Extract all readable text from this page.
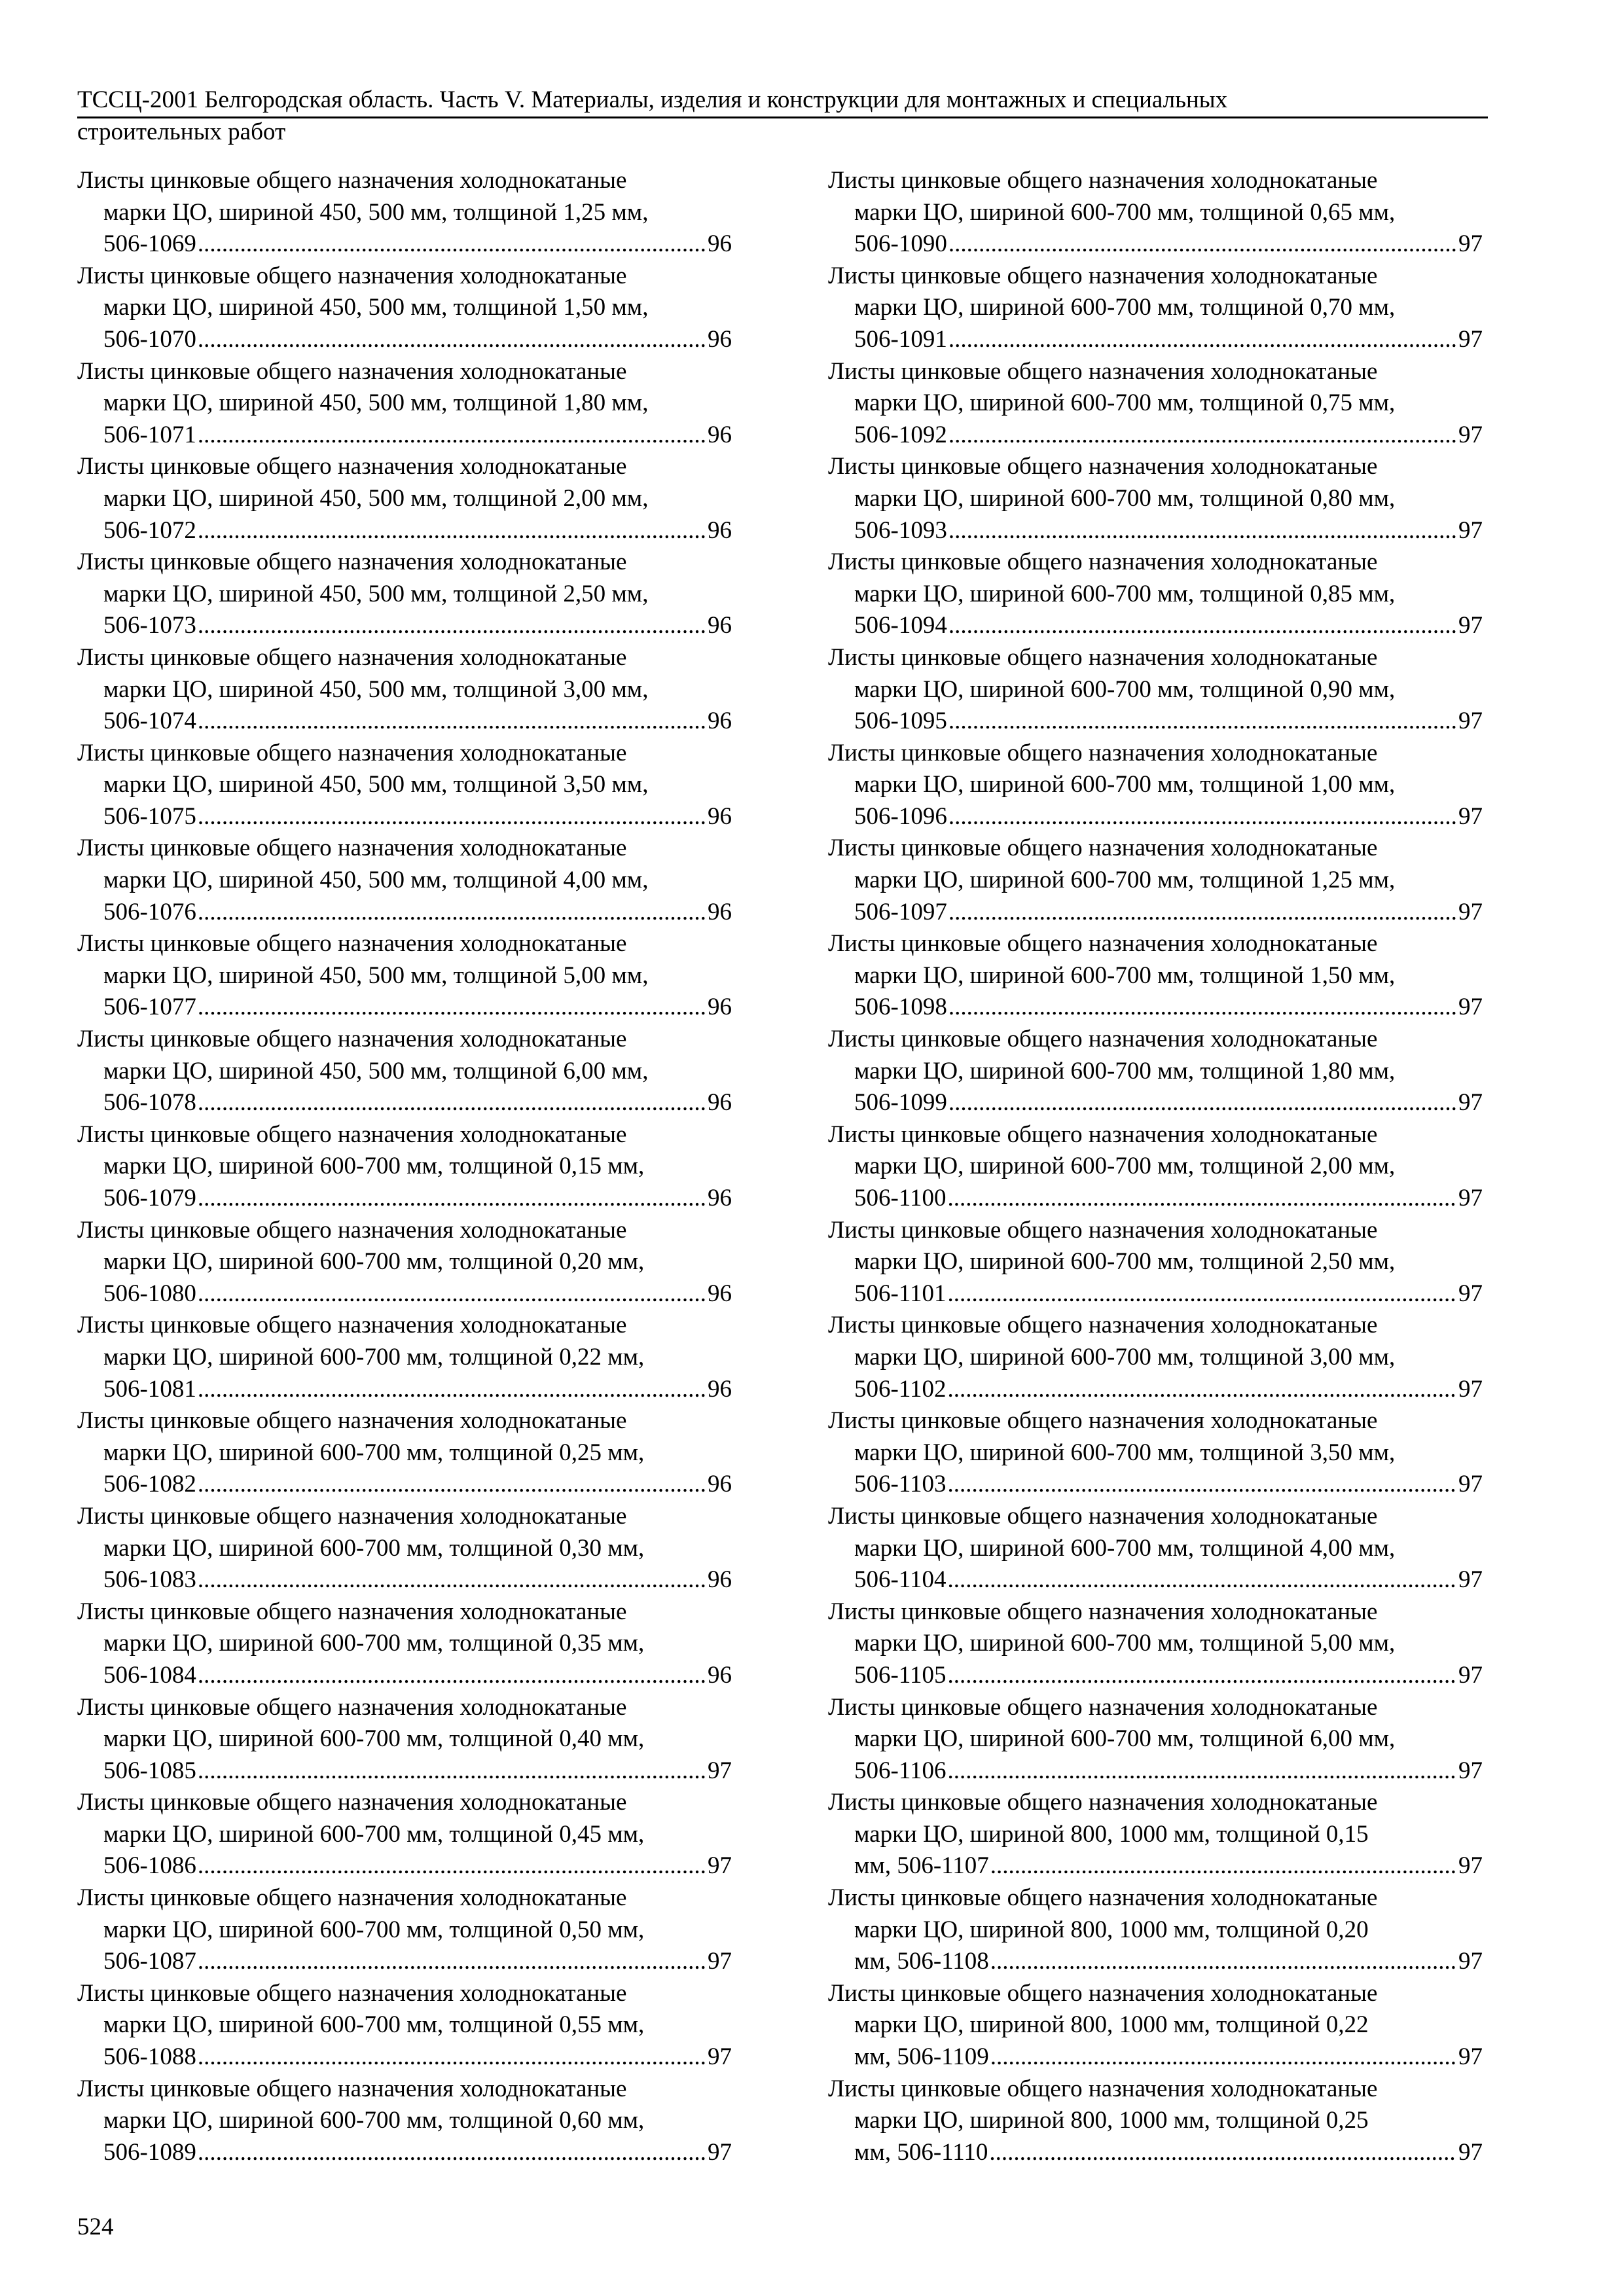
ТССЦ-2001 Белгородская область. Часть V. Материалы, изделия и конструкции для монтажных и специальных
строительных работ
Листы цинковые общего назначения холоднокатаные
марки ЦО, шириной 450, 500 мм, толщиной 1,25 мм,
506-1069 .....	96
Листы цинковые общего назначения холоднокатаные
марки ЦО, шириной 450, 500 мм, толщиной 1,50 мм,
506-1070 .....	96
Листы цинковые общего назначения холоднокатаные
марки ЦО, шириной 450, 500 мм, толщиной 1,80 мм,
506-1071 .....	96
Листы цинковые общего назначения холоднокатаные
марки ЦО, шириной 450, 500 мм, толщиной 2,00 мм,
506-1072 .....	96
Листы цинковые общего назначения холоднокатаные
марки ЦО, шириной 450, 500 мм, толщиной 2,50 мм,
506-1073 .....	96
Листы цинковые общего назначения холоднокатаные
марки ЦО, шириной 450, 500 мм, толщиной 3,00 мм,
506-1074 .....	96
Листы цинковые общего назначения холоднокатаные
марки ЦО, шириной 450, 500 мм, толщиной 3,50 мм,
506-1075 .....	96
Листы цинковые общего назначения холоднокатаные
марки ЦО, шириной 450, 500 мм, толщиной 4,00 мм,
506-1076 .....	96
Листы цинковые общего назначения холоднокатаные
марки ЦО, шириной 450, 500 мм, толщиной 5,00 мм,
506-1077 .....	96
Листы цинковые общего назначения холоднокатаные
марки ЦО, шириной 450, 500 мм, толщиной 6,00 мм,
506-1078 .....	96
Листы цинковые общего назначения холоднокатаные
марки ЦО, шириной 600-700 мм, толщиной 0,15 мм,
506-1079 .....	96
Листы цинковые общего назначения холоднокатаные
марки ЦО, шириной 600-700 мм, толщиной 0,20 мм,
506-1080 .....	96
Листы цинковые общего назначения холоднокатаные
марки ЦО, шириной 600-700 мм, толщиной 0,22 мм,
506-1081 .....	96
Листы цинковые общего назначения холоднокатаные
марки ЦО, шириной 600-700 мм, толщиной 0,25 мм,
506-1082 .....	96
Листы цинковые общего назначения холоднокатаные
марки ЦО, шириной 600-700 мм, толщиной 0,30 мм,
506-1083 .....	96
Листы цинковые общего назначения холоднокатаные
марки ЦО, шириной 600-700 мм, толщиной 0,35 мм,
506-1084 .....	96
Листы цинковые общего назначения холоднокатаные
марки ЦО, шириной 600-700 мм, толщиной 0,40 мм,
506-1085 .....	97
Листы цинковые общего назначения холоднокатаные
марки ЦО, шириной 600-700 мм, толщиной 0,45 мм,
506-1086 .....	97
Листы цинковые общего назначения холоднокатаные
марки ЦО, шириной 600-700 мм, толщиной 0,50 мм,
506-1087 .....	97
Листы цинковые общего назначения холоднокатаные
марки ЦО, шириной 600-700 мм, толщиной 0,55 мм,
506-1088 .....	97
Листы цинковые общего назначения холоднокатаные
марки ЦО, шириной 600-700 мм, толщиной 0,60 мм,
506-1089 .....	97
Листы цинковые общего назначения холоднокатаные
марки ЦО, шириной 600-700 мм, толщиной 0,65 мм,
506-1090 .....	97
Листы цинковые общего назначения холоднокатаные
марки ЦО, шириной 600-700 мм, толщиной 0,70 мм,
506-1091 .....	97
Листы цинковые общего назначения холоднокатаные
марки ЦО, шириной 600-700 мм, толщиной 0,75 мм,
506-1092 .....	97
Листы цинковые общего назначения холоднокатаные
марки ЦО, шириной 600-700 мм, толщиной 0,80 мм,
506-1093 .....	97
Листы цинковые общего назначения холоднокатаные
марки ЦО, шириной 600-700 мм, толщиной 0,85 мм,
506-1094 .....	97
Листы цинковые общего назначения холоднокатаные
марки ЦО, шириной 600-700 мм, толщиной 0,90 мм,
506-1095 .....	97
Листы цинковые общего назначения холоднокатаные
марки ЦО, шириной 600-700 мм, толщиной 1,00 мм,
506-1096 .....	97
Листы цинковые общего назначения холоднокатаные
марки ЦО, шириной 600-700 мм, толщиной 1,25 мм,
506-1097 .....	97
Листы цинковые общего назначения холоднокатаные
марки ЦО, шириной 600-700 мм, толщиной 1,50 мм,
506-1098 .....	97
Листы цинковые общего назначения холоднокатаные
марки ЦО, шириной 600-700 мм, толщиной 1,80 мм,
506-1099 .....	97
Листы цинковые общего назначения холоднокатаные
марки ЦО, шириной 600-700 мм, толщиной 2,00 мм,
506-1100 .....	97
Листы цинковые общего назначения холоднокатаные
марки ЦО, шириной 600-700 мм, толщиной 2,50 мм,
506-1101 .....	97
Листы цинковые общего назначения холоднокатаные
марки ЦО, шириной 600-700 мм, толщиной 3,00 мм,
506-1102 .....	97
Листы цинковые общего назначения холоднокатаные
марки ЦО, шириной 600-700 мм, толщиной 3,50 мм,
506-1103 .....	97
Листы цинковые общего назначения холоднокатаные
марки ЦО, шириной 600-700 мм, толщиной 4,00 мм,
506-1104 .....	97
Листы цинковые общего назначения холоднокатаные
марки ЦО, шириной 600-700 мм, толщиной 5,00 мм,
506-1105 .....	97
Листы цинковые общего назначения холоднокатаные
марки ЦО, шириной 600-700 мм, толщиной 6,00 мм,
506-1106 .....	97
Листы цинковые общего назначения холоднокатаные
марки ЦО, шириной 800, 1000 мм, толщиной 0,15
мм, 506-1107 .....	97
Листы цинковые общего назначения холоднокатаные
марки ЦО, шириной 800, 1000 мм, толщиной 0,20
мм, 506-1108 .....	97
Листы цинковые общего назначения холоднокатаные
марки ЦО, шириной 800, 1000 мм, толщиной 0,22
мм, 506-1109 .....	97
Листы цинковые общего назначения холоднокатаные
марки ЦО, шириной 800, 1000 мм, толщиной 0,25
мм, 506-1110 .....	97
524
